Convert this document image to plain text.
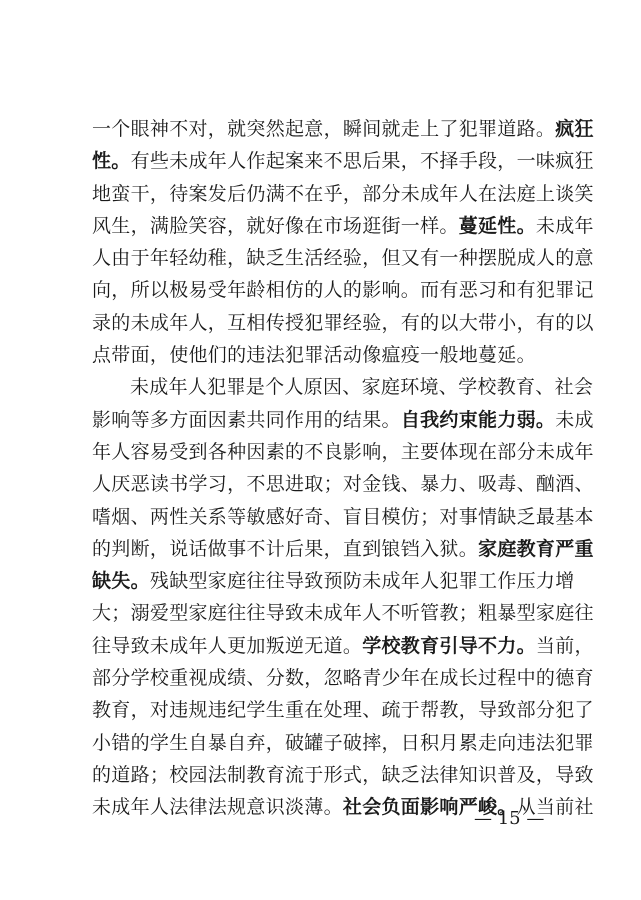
一个眼神不对，就突然起意，瞬间就走上了犯罪道路。疯狂
性。有些未成年人作起案来不思后果，不择手段，一味疯狂
地蛮干，待案发后仍满不在乎，部分未成年人在法庭上谈笑
风生，满脸笑容，就好像在市场逛街一样。蔓延性。未成年
人由于年轻幼稚，缺乏生活经验，但又有一种摆脱成人的意
向，所以极易受年龄相仿的人的影响。而有恶习和有犯罪记
录的未成年人，互相传授犯罪经验，有的以大带小，有的以
点带面，使他们的违法犯罪活动像瘟疫一般地蔓延。
未成年人犯罪是个人原因、家庭环境、学校教育、社会
影响等多方面因素共同作用的结果。自我约束能力弱。未成
年人容易受到各种因素的不良影响，主要体现在部分未成年
人厌恶读书学习，不思进取；对金钱、暴力、吸毒、酗酒、
嗜烟、两性关系等敏感好奇、盲目模仿；对事情缺乏最基本
的判断，说话做事不计后果，直到锒铛入狱。家庭教育严重
缺失。残缺型家庭往往导致预防未成年人犯罪工作压力增
大；溺爱型家庭往往导致未成年人不听管教；粗暴型家庭往
往导致未成年人更加叛逆无道。学校教育引导不力。当前，
部分学校重视成绩、分数，忽略青少年在成长过程中的德育
教育，对违规违纪学生重在处理、疏于帮教，导致部分犯了
小错的学生自暴自弃，破罐子破摔，日积月累走向违法犯罪
的道路；校园法制教育流于形式，缺乏法律知识普及，导致
未成年人法律法规意识淡薄。社会负面影响严峻。从当前社
— 15 —
